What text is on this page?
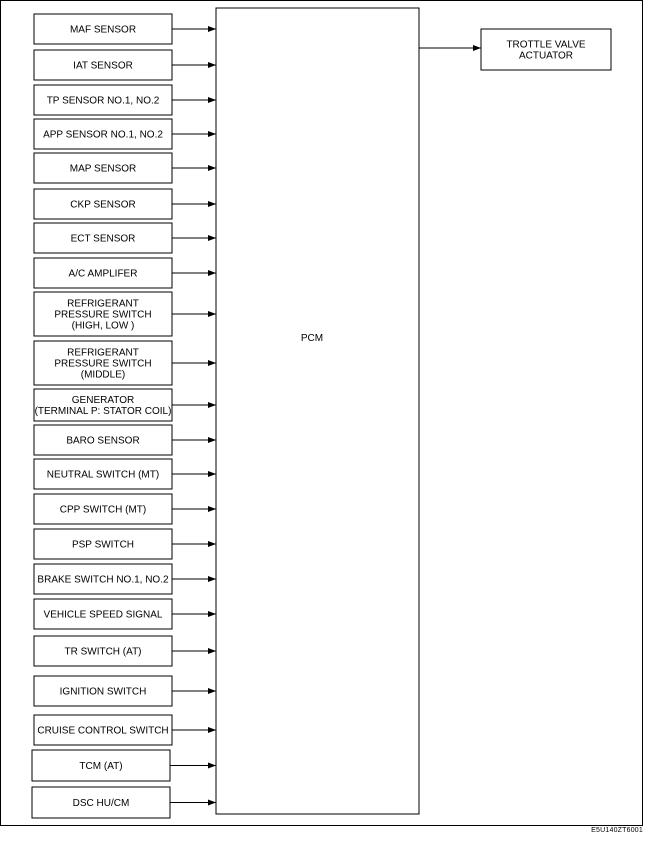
MAF SENSOR
IAT SENSOR
TP SENSOR NO.1, NO.2
APP SENSOR NO.1, NO.2
MAP SENSOR
CKP SENSOR
ECT SENSOR
A/C AMPLIFER
REFRIGERANT
PRESSURE SWITCH
(HIGH, LOW )
REFRIGERANT
PRESSURE SWITCH
(MIDDLE)
GENERATOR
(TERMINAL P: STATOR COIL)
BARO SENSOR
NEUTRAL SWITCH (MT)
CPP SWITCH (MT)
PSP SWITCH
BRAKE SWITCH NO.1, NO.2
VEHICLE SPEED SIGNAL
TR SWITCH (AT)
IGNITION SWITCH
CRUISE CONTROL SWITCH
TCM (AT)
DSC HU/CM
PCM
TROTTLE VALVE
ACTUATOR
E5U140ZT6001
